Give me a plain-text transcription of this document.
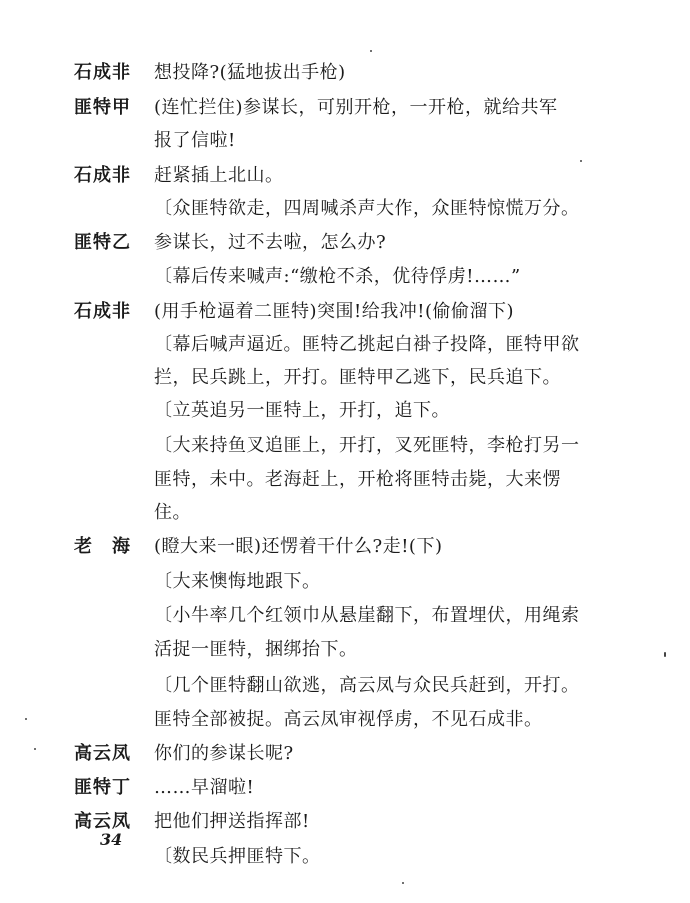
石成非	想投降?(猛地拔出手枪)
匪特甲	(连忙拦住)参谋长，可别开枪，一开枪，就给共军
报了信啦!
石成非	赶紧插上北山。
〔众匪特欲走，四周喊杀声大作，众匪特惊慌万分。
匪特乙	参谋长，过不去啦，怎么办?
〔幕后传来喊声:“缴枪不杀，优待俘虏!……”
石成非	(用手枪逼着二匪特)突围!给我冲!(偷偷溜下)
〔幕后喊声逼近。匪特乙挑起白褂子投降，匪特甲欲
拦，民兵跳上，开打。匪特甲乙逃下，民兵追下。
〔立英追另一匪特上，开打，追下。
〔大来持鱼叉追匪上，开打，叉死匪特，李枪打另一
匪特，未中。老海赶上，开枪将匪特击毙，大来愣
住。
老　海	(瞪大来一眼)还愣着干什么?走!(下)
〔大来懊悔地跟下。
〔小牛率几个红领巾从悬崖翻下，布置埋伏，用绳索
活捉一匪特，捆绑抬下。
〔几个匪特翻山欲逃，高云凤与众民兵赶到，开打。
匪特全部被捉。高云凤审视俘虏，不见石成非。
高云凤	你们的参谋长呢?
匪特丁	……早溜啦!
高云凤	把他们押送指挥部!
〔数民兵押匪特下。
34
